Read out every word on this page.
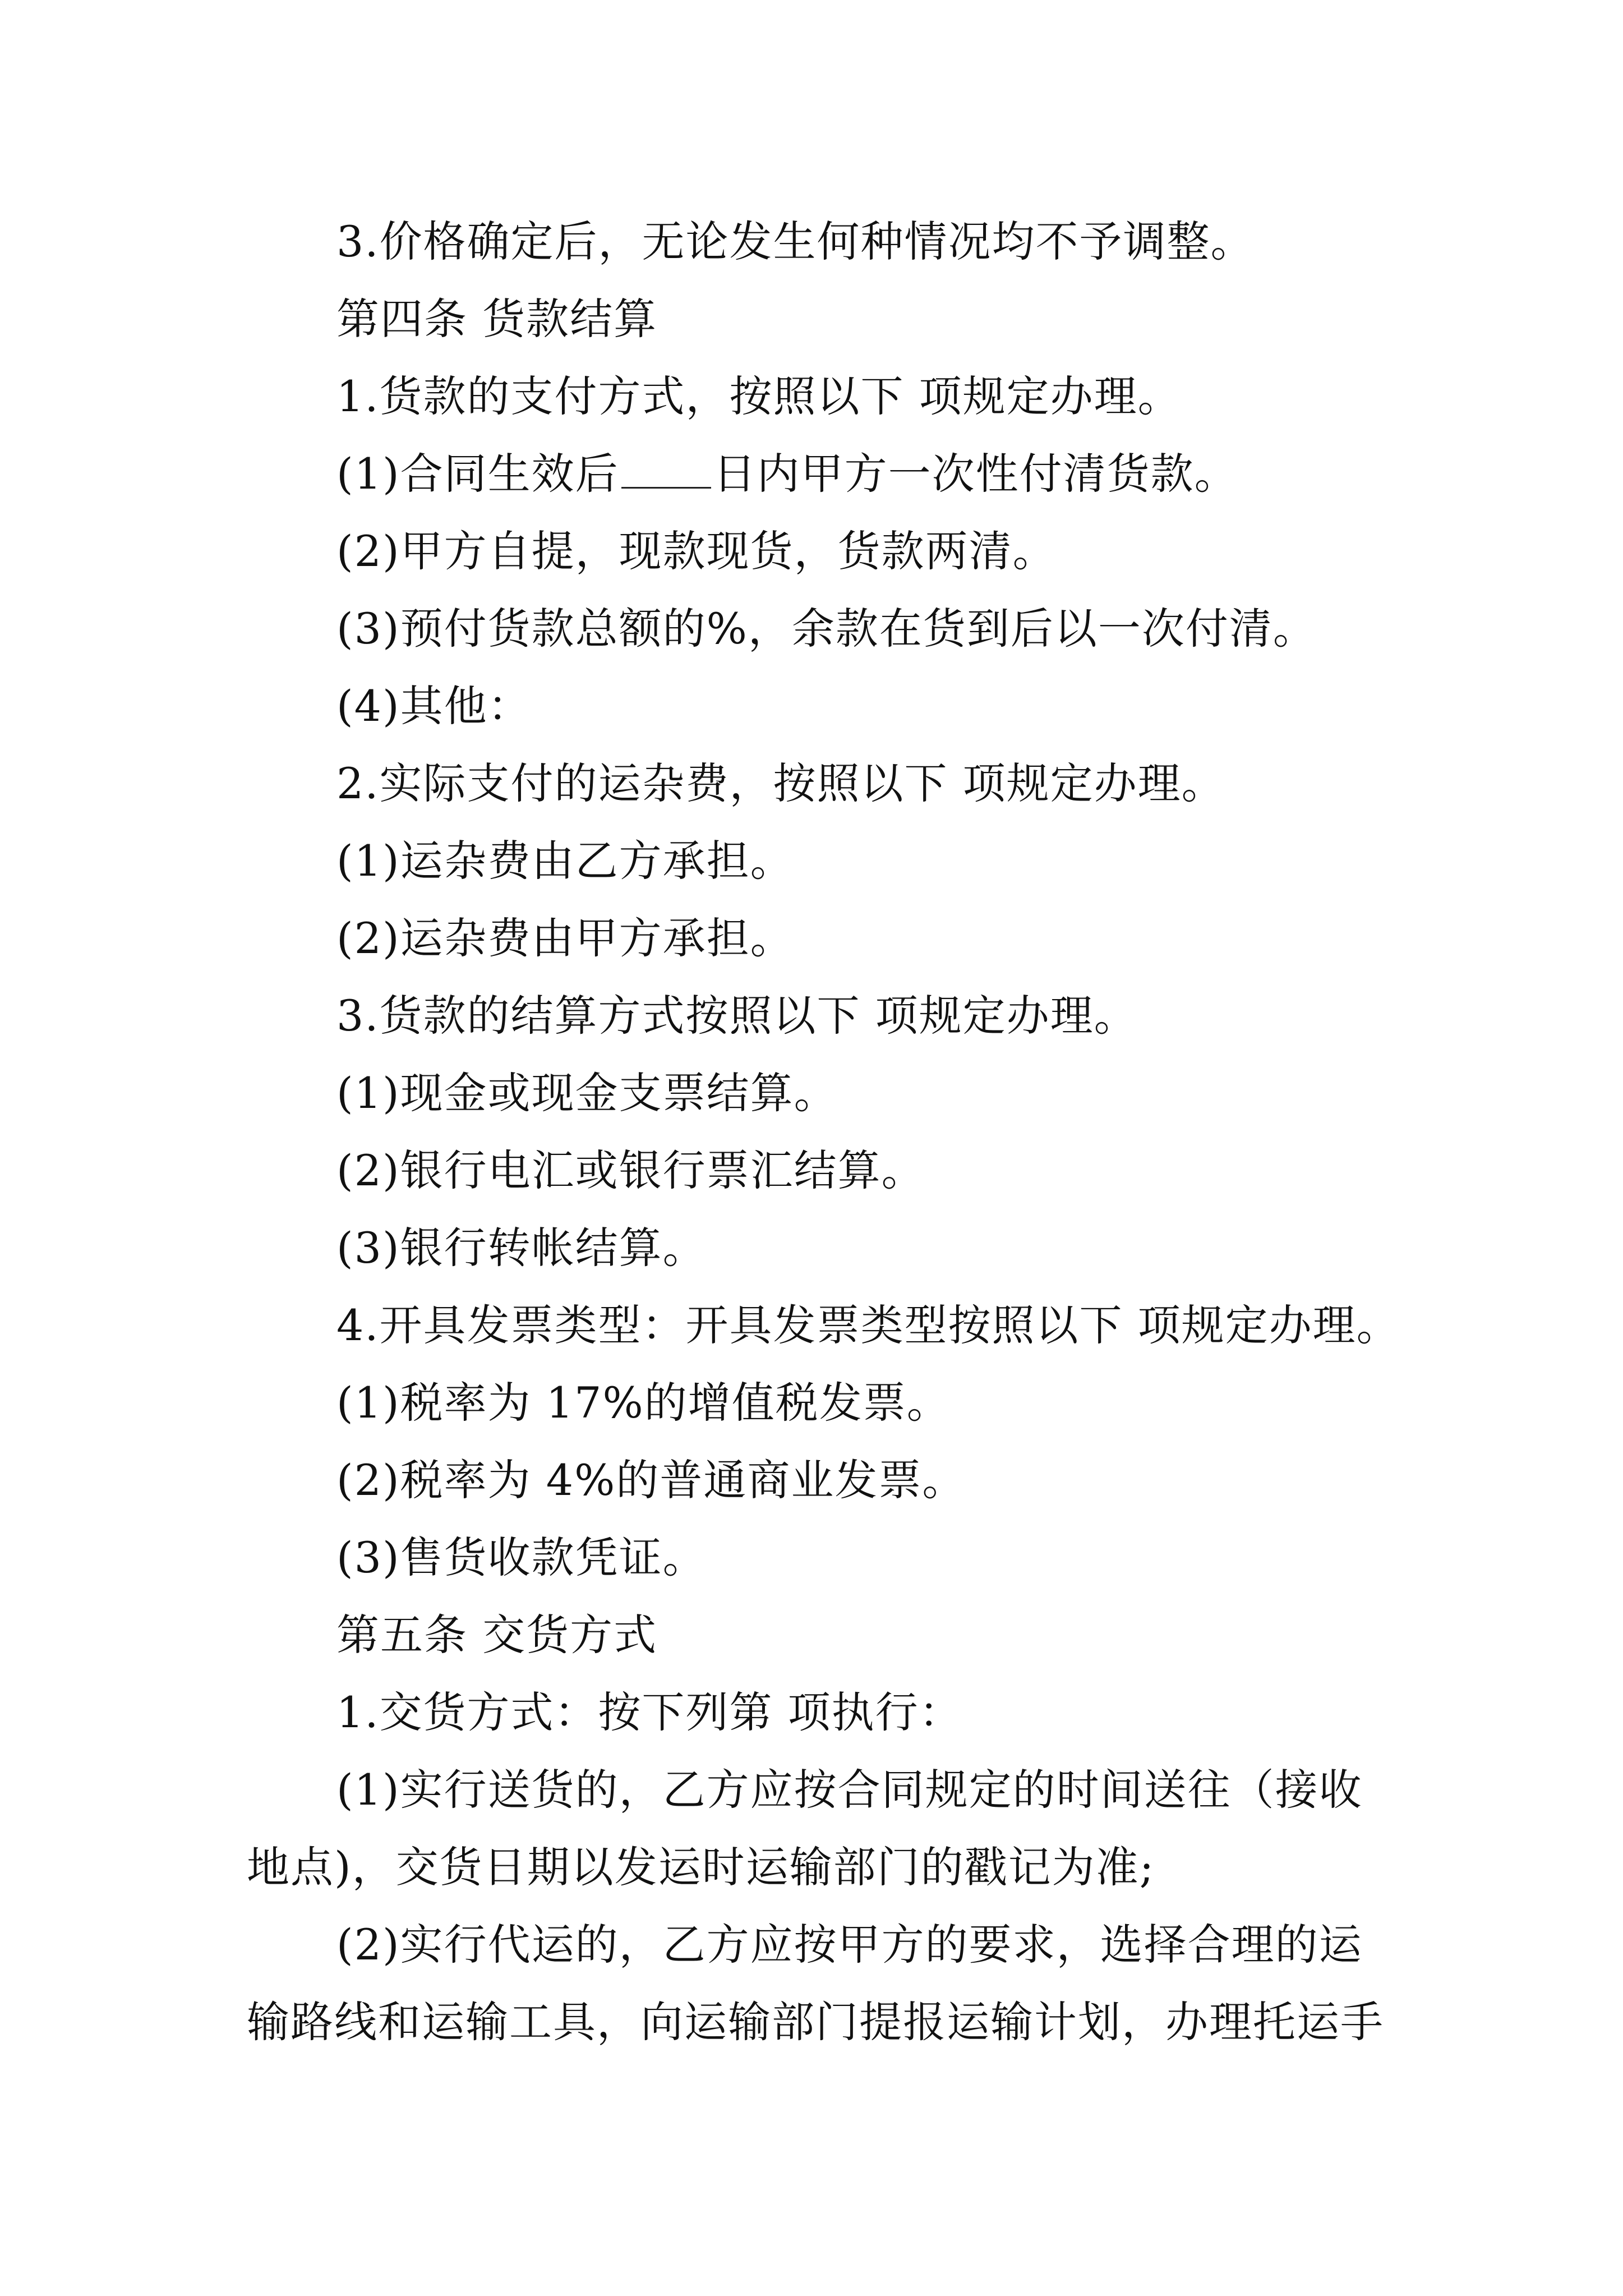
3.价格确定后，无论发生何种情况均不予调整。
第四条 货款结算
1.货款的支付方式，按照以下 项规定办理。
(1)合同生效后 日内甲方一次性付清货款。
(2)甲方自提，现款现货，货款两清。
(3)预付货款总额的%，余款在货到后以一次付清。
(4)其他：
2.实际支付的运杂费，按照以下 项规定办理。
(1)运杂费由乙方承担。
(2)运杂费由甲方承担。
3.货款的结算方式按照以下 项规定办理。
(1)现金或现金支票结算。
(2)银行电汇或银行票汇结算。
(3)银行转帐结算。
4.开具发票类型：开具发票类型按照以下 项规定办理。
(1)税率为 17%的增值税发票。
(2)税率为 4%的普通商业发票。
(3)售货收款凭证。
第五条 交货方式
1.交货方式：按下列第 项执行：
(1)实行送货的，乙方应按合同规定的时间送往（接收
地点)，交货日期以发运时运输部门的戳记为准;
(2)实行代运的，乙方应按甲方的要求，选择合理的运
输路线和运输工具，向运输部门提报运输计划，办理托运手
